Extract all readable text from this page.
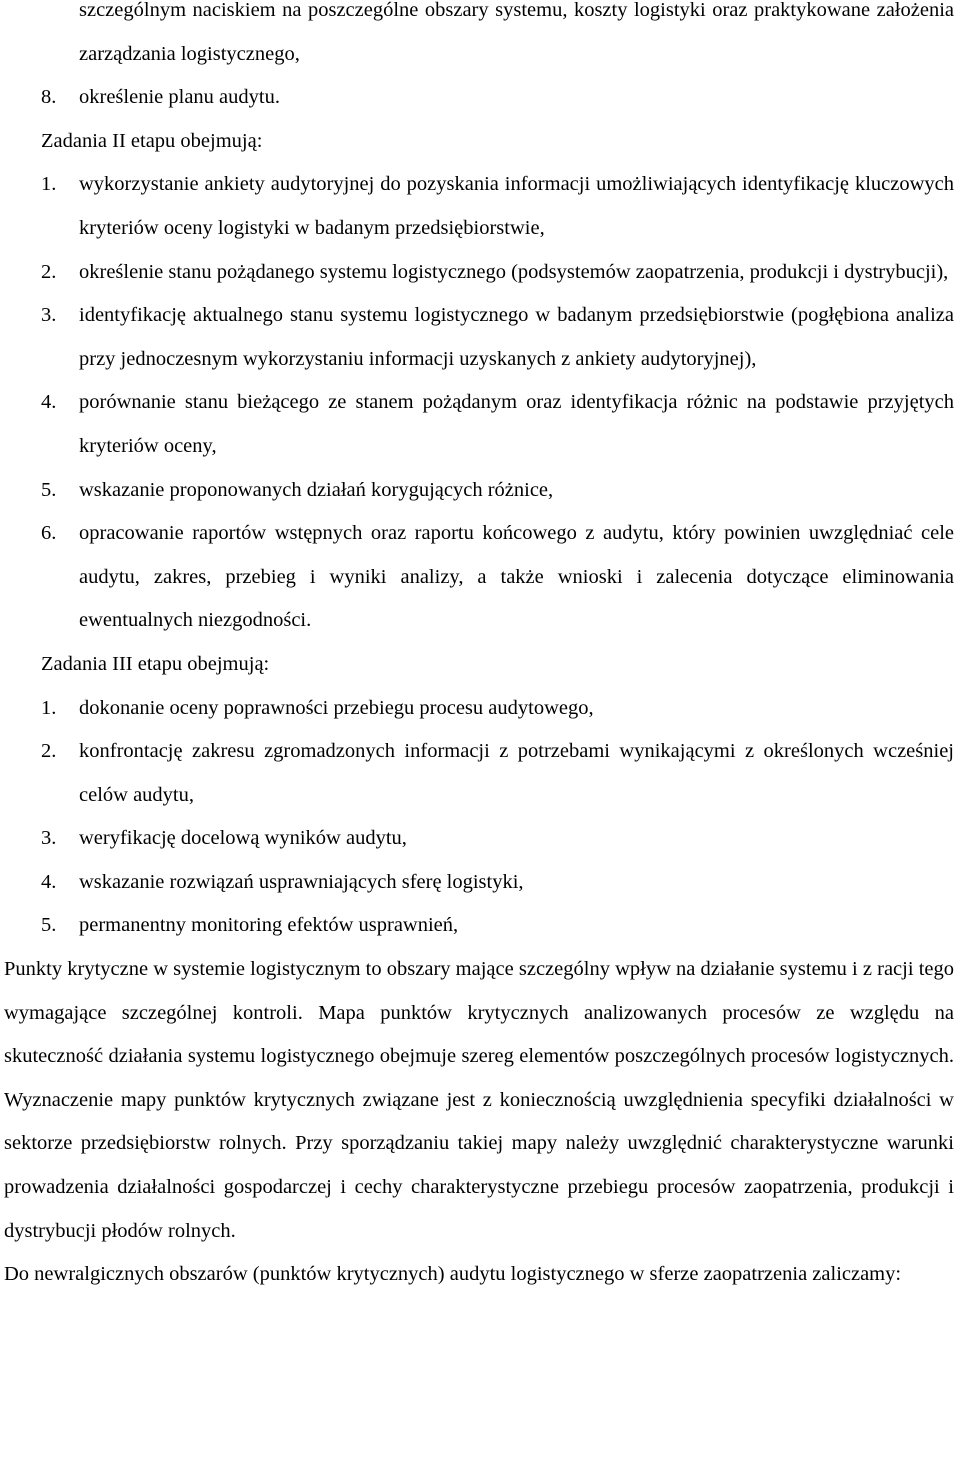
szczególnym naciskiem na poszczególne obszary systemu, koszty logistyki oraz praktykowane założenia zarządzania logistycznego,

8. określenie planu audytu.

Zadania II etapu obejmują:

1. wykorzystanie ankiety audytoryjnej do pozyskania informacji umożliwiających identyfikację kluczowych kryteriów oceny logistyki w badanym przedsiębiorstwie,
2. określenie stanu pożądanego systemu logistycznego (podsystemów zaopatrzenia, produkcji i dystrybucji),
3. identyfikację aktualnego stanu systemu logistycznego w badanym przedsiębiorstwie (pogłębiona analiza przy jednoczesnym wykorzystaniu informacji uzyskanych z ankiety audytoryjnej),
4. porównanie stanu bieżącego ze stanem pożądanym oraz identyfikacja różnic na podstawie przyjętych kryteriów oceny,
5. wskazanie proponowanych działań korygujących różnice,
6. opracowanie raportów wstępnych oraz raportu końcowego z audytu, który powinien uwzględniać cele audytu, zakres, przebieg i wyniki analizy, a także wnioski i zalecenia dotyczące eliminowania ewentualnych niezgodności.

Zadania III etapu obejmują:

1. dokonanie oceny poprawności przebiegu procesu audytowego,
2. konfrontację zakresu zgromadzonych informacji z potrzebami wynikającymi z określonych wcześniej celów audytu,
3. weryfikację docelową wyników audytu,
4. wskazanie rozwiązań usprawniających sferę logistyki,
5. permanentny monitoring efektów usprawnień,

Punkty krytyczne w systemie logistycznym to obszary mające szczególny wpływ na działanie systemu i z racji tego wymagające szczególnej kontroli. Mapa punktów krytycznych analizowanych procesów ze względu na skuteczność działania systemu logistycznego obejmuje szereg elementów poszczególnych procesów logistycznych. Wyznaczenie mapy punktów krytycznych związane jest z koniecznością uwzględnienia specyfiki działalności w sektorze przedsiębiorstw rolnych. Przy sporządzaniu takiej mapy należy uwzględnić charakterystyczne warunki prowadzenia działalności gospodarczej i cechy charakterystyczne przebiegu procesów zaopatrzenia, produkcji i dystrybucji płodów rolnych.

Do newralgicznych obszarów (punktów krytycznych) audytu logistycznego w sferze zaopatrzenia zaliczamy:
